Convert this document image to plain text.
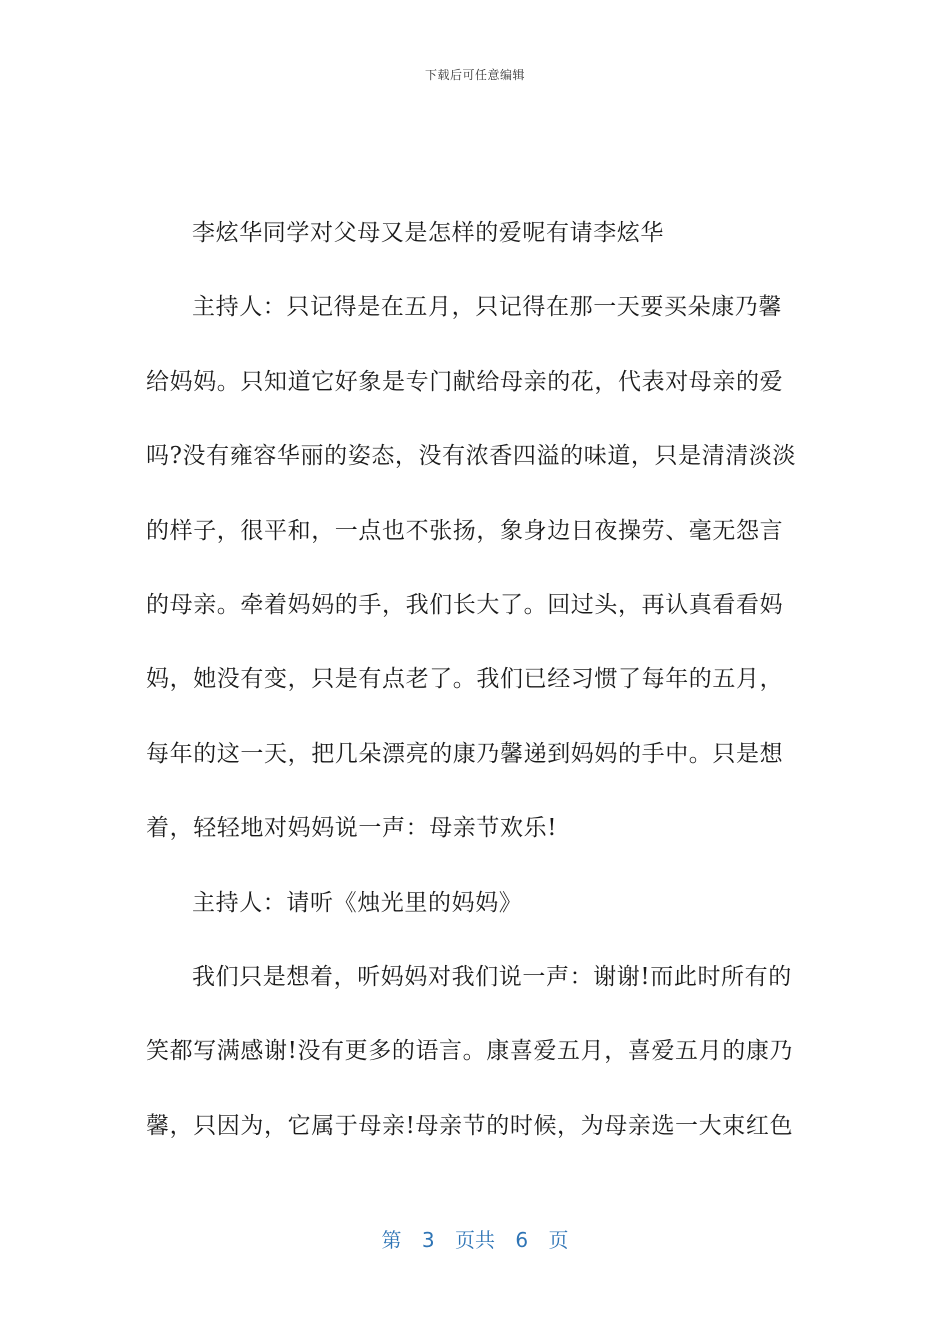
下载后可任意编辑

李炫华同学对父母又是怎样的爱呢有请李炫华

主持人：只记得是在五月，只记得在那一天要买朵康乃馨
给妈妈。只知道它好象是专门献给母亲的花，代表对母亲的爱
吗?没有雍容华丽的姿态，没有浓香四溢的味道，只是清清淡淡
的样子，很平和，一点也不张扬，象身边日夜操劳、毫无怨言
的母亲。牵着妈妈的手，我们长大了。回过头，再认真看看妈
妈，她没有变，只是有点老了。我们已经习惯了每年的五月，
每年的这一天，把几朵漂亮的康乃馨递到妈妈的手中。只是想
着，轻轻地对妈妈说一声：母亲节欢乐!

主持人：请听《烛光里的妈妈》

我们只是想着，听妈妈对我们说一声：谢谢!而此时所有的
笑都写满感谢!没有更多的语言。康喜爱五月，喜爱五月的康乃
馨，只因为，它属于母亲!母亲节的时候，为母亲选一大束红色

第 3 页共 6 页
